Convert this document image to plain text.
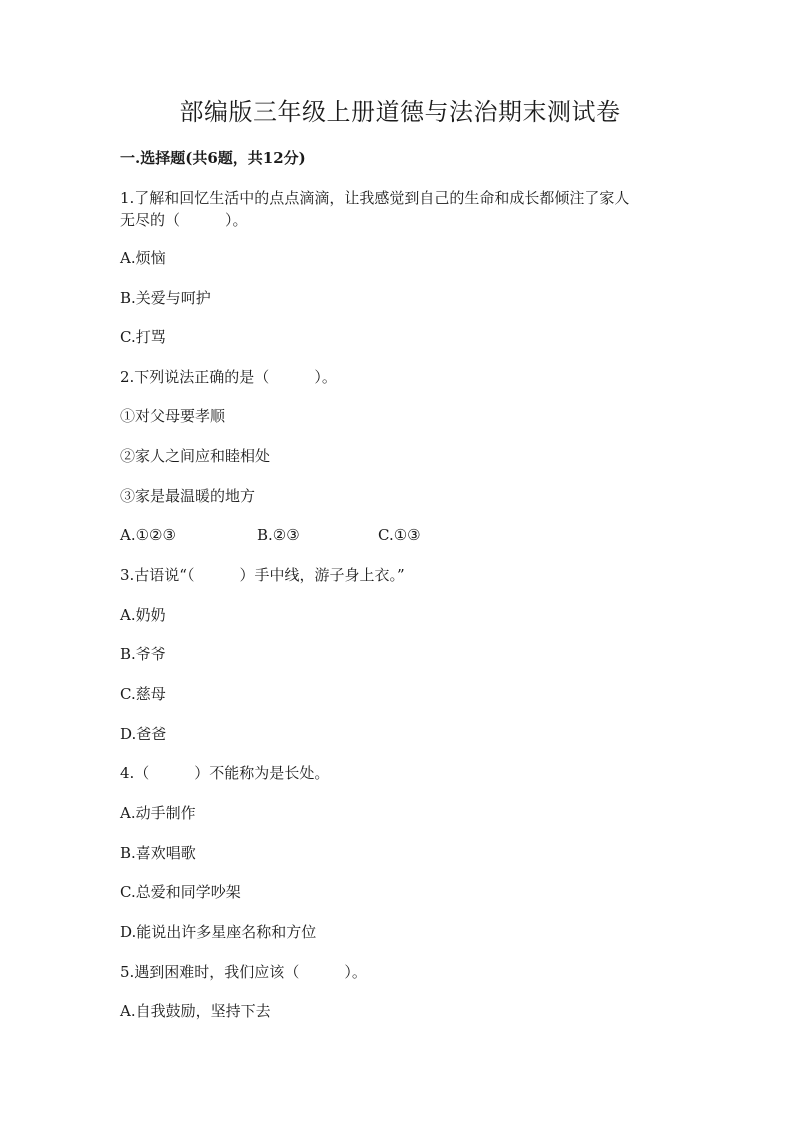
部编版三年级上册道德与法治期末测试卷
一.选择题(共6题，共12分)
1.了解和回忆生活中的点点滴滴，让我感觉到自己的生命和成长都倾注了家人
无尽的（　　　）。
A.烦恼
B.关爱与呵护
C.打骂
2.下列说法正确的是（　　　）。
①对父母要孝顺
②家人之间应和睦相处
③家是最温暖的地方
A.①②③	B.②③	C.①③
3.古语说“（　　　）手中线，游子身上衣。”
A.奶奶
B.爷爷
C.慈母
D.爸爸
4.（　　　）不能称为是长处。
A.动手制作
B.喜欢唱歌
C.总爱和同学吵架
D.能说出许多星座名称和方位
5.遇到困难时，我们应该（　　　）。
A.自我鼓励，坚持下去
